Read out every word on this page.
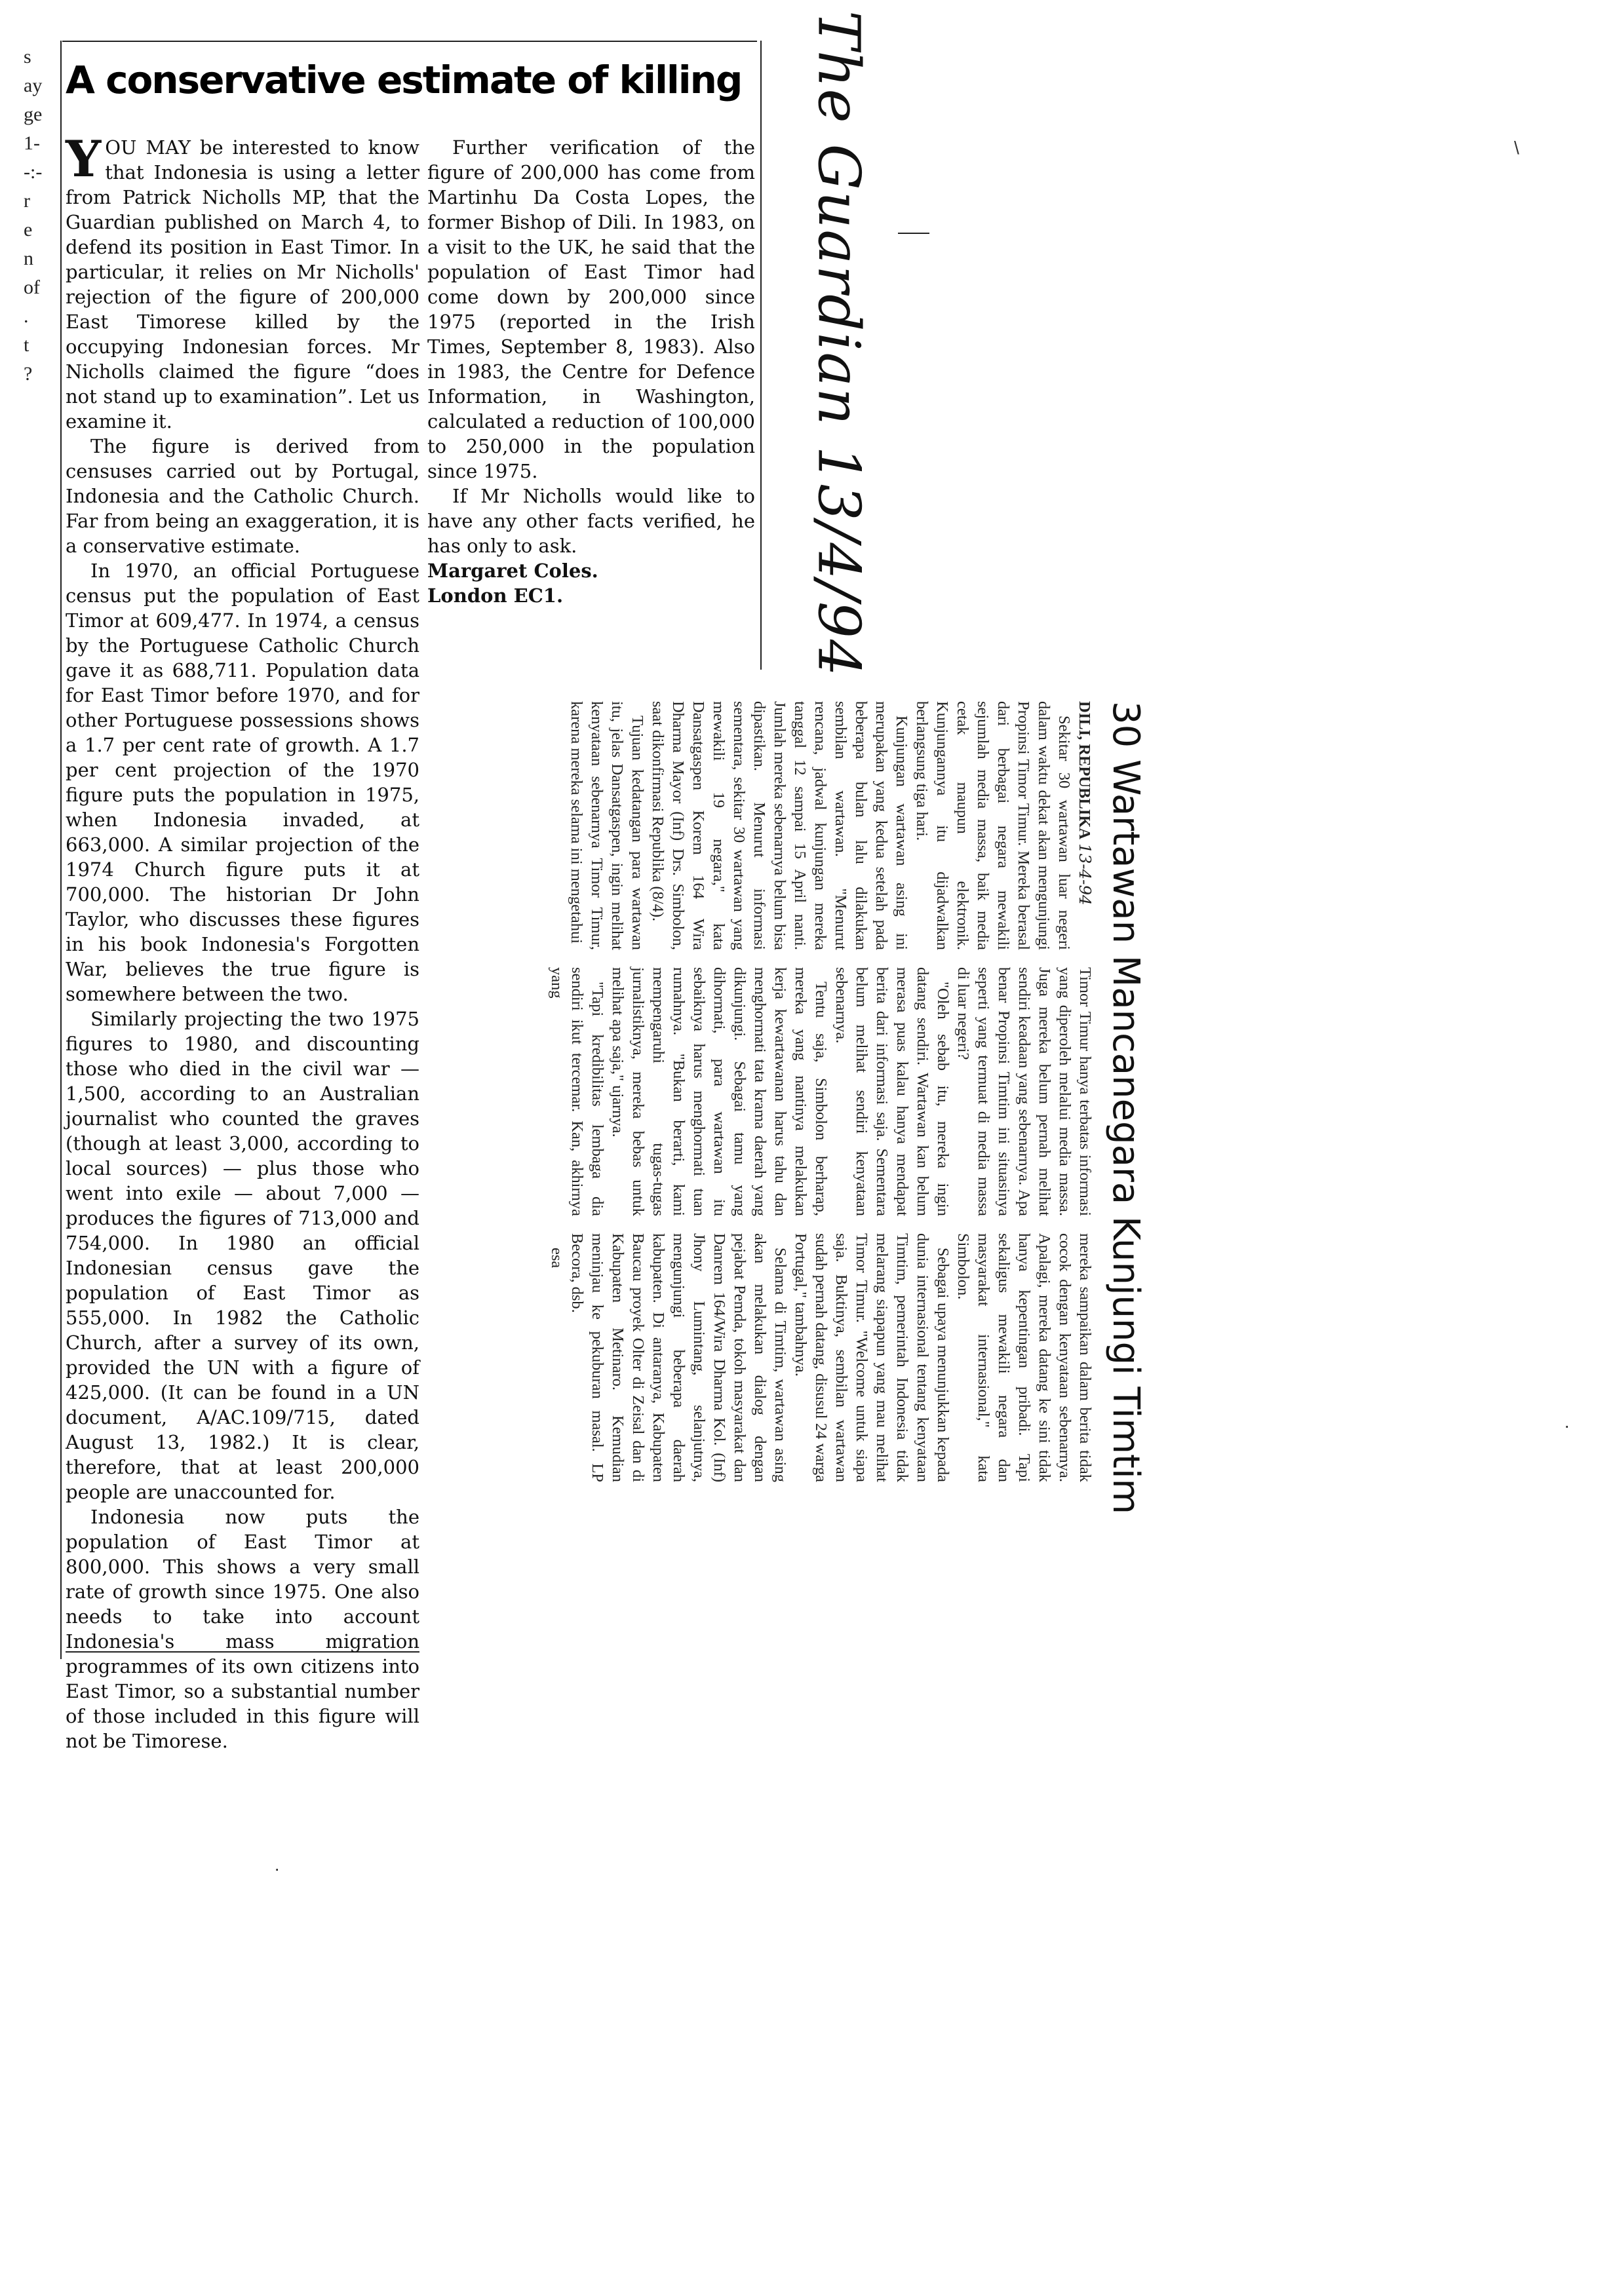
s
ay
ge
1-
-:-
r
e
n
of
.
t
?
A conservative estimate of killing

YOU MAY be interested to know that Indonesia is using a letter from Patrick Nicholls MP, that the Guardian published on March 4, to defend its position in East Timor. In particular, it relies on Mr Nicholls' rejection of the figure of 200,000 East Timorese killed by the occupying Indonesian forces. Mr Nicholls claimed the figure “does not stand up to examination”. Let us examine it.

The figure is derived from censuses carried out by Portugal, Indonesia and the Catholic Church. Far from being an exaggeration, it is a conservative estimate.

In 1970, an official Portuguese census put the population of East Timor at 609,477. In 1974, a census by the Portuguese Catholic Church gave it as 688,711. Population data for East Timor before 1970, and for other Portuguese possessions shows a 1.7 per cent rate of growth. A 1.7 per cent projection of the 1970 figure puts the population in 1975, when Indonesia invaded, at 663,000. A similar projection of the 1974 Church figure puts it at 700,000. The historian Dr John Taylor, who discusses these figures in his book Indonesia's Forgotten War, believes the true figure is somewhere between the two.

Similarly projecting the two 1975 figures to 1980, and discounting those who died in the civil war — 1,500, according to an Australian journalist who counted the graves (though at least 3,000, according to local sources) — plus those who went into exile — about 7,000 — produces the figures of 713,000 and 754,000. In 1980 an official Indonesian census gave the population of East Timor as 555,000. In 1982 the Catholic Church, after a survey of its own, provided the UN with a figure of 425,000. (It can be found in a UN document, A/AC.109/715, dated August 13, 1982.) It is clear, therefore, that at least 200,000 people are unaccounted for.

Indonesia now puts the population of East Timor at 800,000. This shows a very small rate of growth since 1975. One also needs to take into account Indonesia's mass migration programmes of its own citizens into East Timor, so a substantial number of those included in this figure will not be Timorese.

Further verification of the figure of 200,000 has come from Martinhu Da Costa Lopes, the former Bishop of Dili. In 1983, on a visit to the UK, he said that the population of East Timor had come down by 200,000 since 1975 (reported in the Irish Times, September 8, 1983). Also in 1983, the Centre for Defence Information, in Washington, calculated a reduction of 100,000 to 250,000 in the population since 1975.

If Mr Nicholls would like to have any other facts verified, he has only to ask.

Margaret Coles.

London EC1.	The Guardian 13/4/94
30 Wartawan Mancanegara Kunjungi Timtim

DILI, REPUBLIKA 13-4-94

Sekitar 30 wartawan luar negeri dalam waktu dekat akan mengunjungi Propinsi Timor Timur. Mereka berasal dari berbagai negara mewakili sejumlah media massa, baik media cetak maupun elektronik. Kunjungannya itu dijadwalkan berlangsung tiga hari.

Kunjungan wartawan asing ini merupakan yang kedua setelah pada beberapa bulan lalu dilakukan sembilan wartawan. "Menurut rencana, jadwal kunjungan mereka tanggal 12 sampai 15 April nanti. Jumlah mereka sebenarnya belum bisa dipastikan. Menurut informasi sementara, sekitar 30 wartawan yang mewakili 19 negara," kata Dansatgaspen Korem 164 Wira Dharma Mayor (Inf) Drs. Simbolon, saat dikonfirmasi Republika (8/4).

Tujuan kedatangan para wartawan itu, jelas Dansatgaspen, ingin melihat kenyataan sebenarnya Timor Timur, karena mereka selama ini mengetahui

Timor Timur hanya terbatas informasi yang diperoleh melalui media massa. Juga mereka belum pernah melihat sendiri keadaan yang sebenarnya. Apa benar Propinsi Timtim ini situasinya seperti yang termuat di media massa di luar negeri?

"Oleh sebab itu, mereka ingin datang sendiri. Wartawan kan belum merasa puas kalau hanya mendapat berita dari informasi saja. Sementara belum melihat sendiri kenyataan sebenarnya.

Tentu saja, Simbolon berharap, mereka yang nantinya melakukan kerja kewartawanan harus tahu dan menghormati tata krama daerah yang dikunjungi. Sebagai tamu yang dihormati, para wartawan itu sebaiknya harus menghormati tuan rumahnya. "Bukan berarti, kami mempengaruhi tugas-tugas jurnalistiknya, mereka bebas untuk melihat apa saja," ujarnya.

"Tapi kredibilitas lembaga dia sendiri ikut tercemar. Kan, akhirnya yang

mereka sampaikan dalam berita tidak cocok dengan kenyataan sebenarnya. Apalagi, mereka datang ke sini tidak hanya kepentingan pribadi. Tapi sekaligus mewakili negara dan masyarakat internasional," kata Simbolon.

Sebagai upaya menunjukkan kepada dunia internasional tentang kenyataan Timtim, pemerintah Indonesia tidak melarang siapapun yang mau melihat Timor Timur. "Welcome untuk siapa saja. Buktinya, sembilan wartawan sudah pernah datang, disusul 24 warga Portugal," tambahnya.

Selama di Timtim, wartawan asing akan melakukan dialog dengan pejabat Pemda, tokoh masyarakat dan Danrem 164/Wira Dharma Kol. (Inf) Jhony Lumintang, selanjutnya, mengunjungi beberapa daerah kabupaten. Di antaranya, Kabupaten Baucau proyek Olter di Zeisal dan di Kabupaten Metinaro. Kemudian meninjau ke pekuburan masal. LP Becora, dsb.

esa

\
·
·
